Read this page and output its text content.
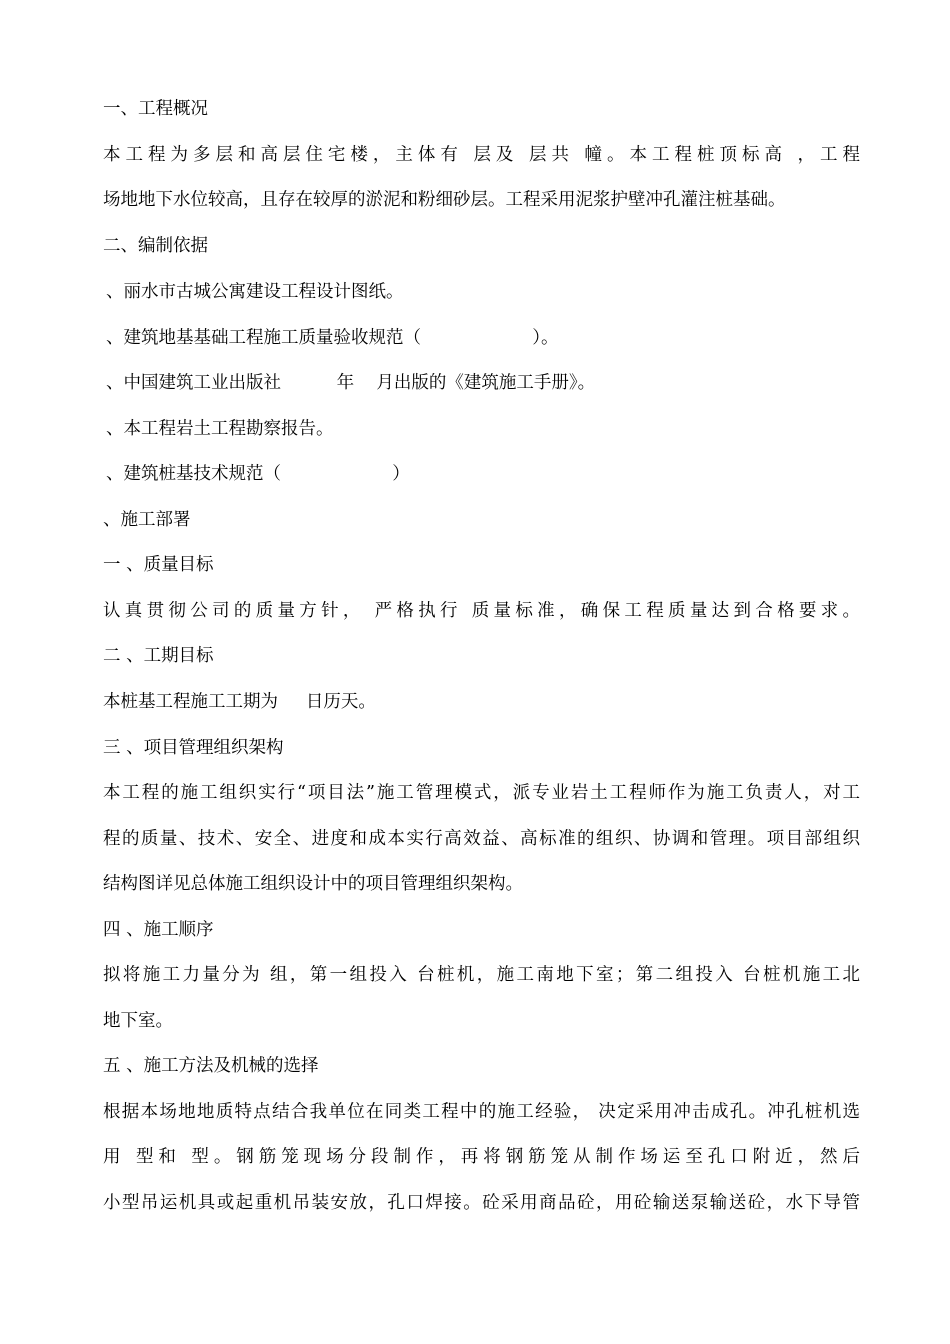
一、工程概况
本工程为多层和高层住宅楼，主体有 层及 层共 幢。本工程桩顶标高 ，工程
场地地下水位较高，且存在较厚的淤泥和粉细砂层。工程采用泥浆护壁冲孔灌注桩基础。
二、编制依据
、丽水市古城公寓建设工程设计图纸。
、建筑地基基础工程施工质量验收规范（                    ）。
、中国建筑工业出版社          年    月出版的《建筑施工手册》。
、本工程岩土工程勘察报告。
、建筑桩基技术规范（                    ）
、施工部署
一 、质量目标
认真贯彻公司的质量方针， 严格执行 质量标准，确保工程质量达到合格要求。
二 、工期目标
本桩基工程施工工期为     日历天。
三 、项目管理组织架构
本工程的施工组织实行“项目法”施工管理模式，派专业岩土工程师作为施工负责人，对工
程的质量、技术、安全、进度和成本实行高效益、高标准的组织、协调和管理。项目部组织
结构图详见总体施工组织设计中的项目管理组织架构。
四 、施工顺序
拟将施工力量分为 组，第一组投入 台桩机，施工南地下室；第二组投入 台桩机施工北
地下室。
五 、施工方法及机械的选择
根据本场地地质特点结合我单位在同类工程中的施工经验， 决定采用冲击成孔。冲孔桩机选
用 型和 型。钢筋笼现场分段制作，再将钢筋笼从制作场运至孔口附近，然后
小型吊运机具或起重机吊装安放，孔口焊接。砼采用商品砼，用砼输送泵输送砼，水下导管
